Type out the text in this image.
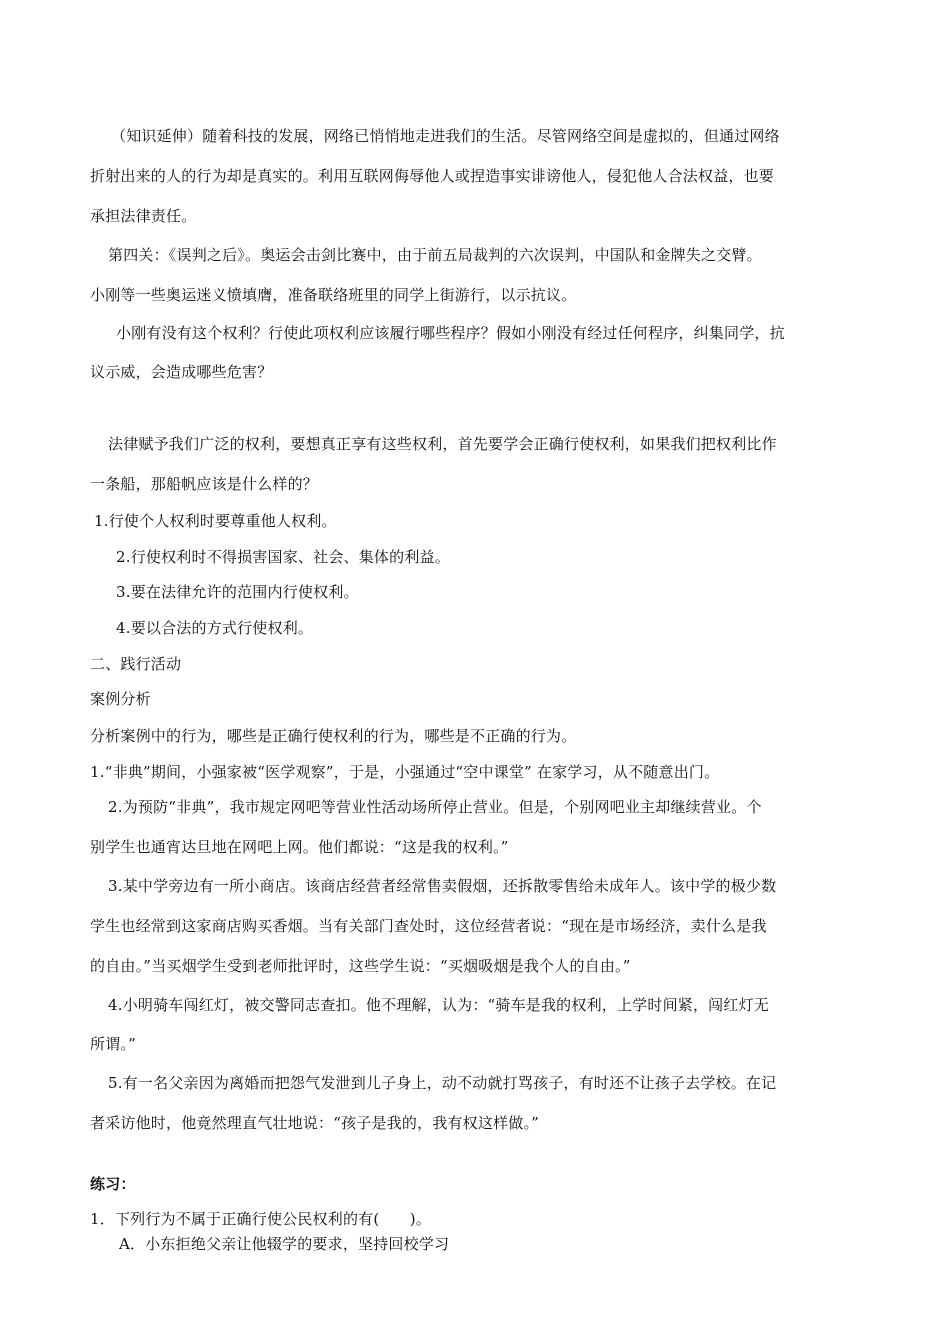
（知识延伸）随着科技的发展，网络已悄悄地走进我们的生活。尽管网络空间是虚拟的，但通过网络
折射出来的人的行为却是真实的。利用互联网侮辱他人或捏造事实诽谤他人，侵犯他人合法权益，也要
承担法律责任。
第四关：《误判之后》。奥运会击剑比赛中，由于前五局裁判的六次误判，中国队和金牌失之交臂。
小刚等一些奥运迷义愤填膺，准备联络班里的同学上街游行，以示抗议。
小刚有没有这个权利？行使此项权利应该履行哪些程序？假如小刚没有经过任何程序，纠集同学，抗
议示威，会造成哪些危害？
法律赋予我们广泛的权利，要想真正享有这些权利，首先要学会正确行使权利，如果我们把权利比作
一条船，那船帆应该是什么样的？
1.行使个人权利时要尊重他人权利。
2.行使权利时不得损害国家、社会、集体的利益。
3.要在法律允许的范围内行使权利。
4.要以合法的方式行使权利。
二、践行活动
案例分析
分析案例中的行为，哪些是正确行使权利的行为，哪些是不正确的行为。
1.“非典”期间，小强家被“医学观察”，于是，小强通过“空中课堂” 在家学习，从不随意出门。
2.为预防“非典”，我市规定网吧等营业性活动场所停止营业。但是，个别网吧业主却继续营业。个
别学生也通宵达旦地在网吧上网。他们都说：“这是我的权利。”
3.某中学旁边有一所小商店。该商店经营者经常售卖假烟，还拆散零售给未成年人。该中学的极少数
学生也经常到这家商店购买香烟。当有关部门查处时，这位经营者说：“现在是市场经济，卖什么是我
的自由。”当买烟学生受到老师批评时，这些学生说：“买烟吸烟是我个人的自由。”
4.小明骑车闯红灯，被交警同志查扣。他不理解，认为：“骑车是我的权利，上学时间紧，闯红灯无
所谓。”
5.有一名父亲因为离婚而把怨气发泄到儿子身上，动不动就打骂孩子，有时还不让孩子去学校。在记
者采访他时，他竟然理直气壮地说：“孩子是我的，我有权这样做。”
练习：
1．下列行为不属于正确行使公民权利的有(　　)。
A．小东拒绝父亲让他辍学的要求，坚持回校学习
